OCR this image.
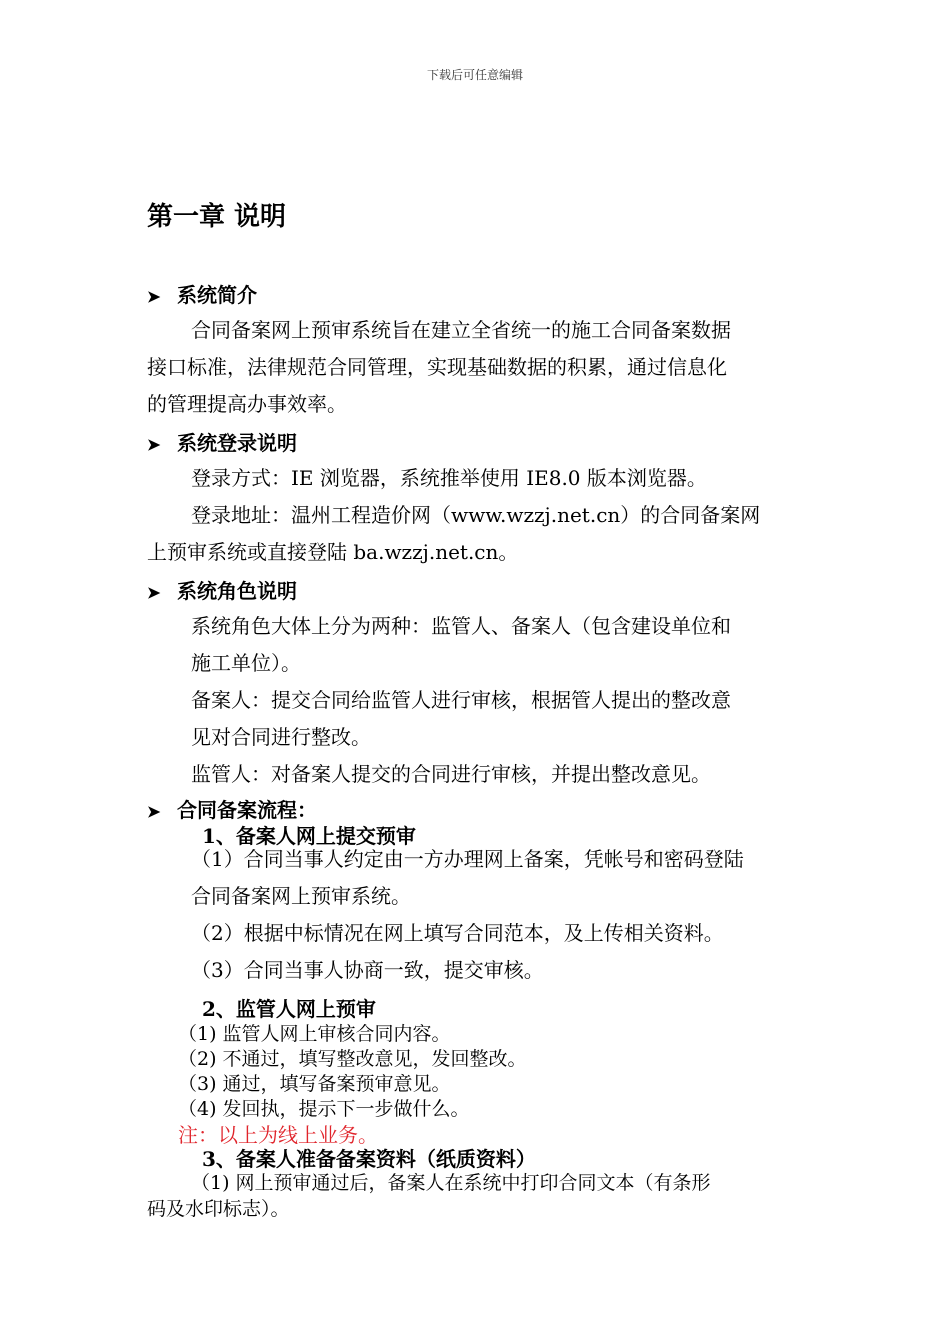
下载后可任意编辑
第一章 说明
➤ 系统简介
合同备案网上预审系统旨在建立全省统一的施工合同备案数据
接口标准，法律规范合同管理，实现基础数据的积累，通过信息化
的管理提高办事效率。
➤ 系统登录说明
登录方式：IE 浏览器，系统推举使用 IE8.0 版本浏览器。
登录地址：温州工程造价网（www.wzzj.net.cn）的合同备案网
上预审系统或直接登陆 ba.wzzj.net.cn。
➤ 系统角色说明
系统角色大体上分为两种：监管人、备案人（包含建设单位和
施工单位）。
备案人：提交合同给监管人进行审核，根据管人提出的整改意
见对合同进行整改。
监管人：对备案人提交的合同进行审核，并提出整改意见。
➤ 合同备案流程：
1、备案人网上提交预审
（1）合同当事人约定由一方办理网上备案，凭帐号和密码登陆
合同备案网上预审系统。
（2）根据中标情况在网上填写合同范本，及上传相关资料。
（3）合同当事人协商一致，提交审核。
2、监管人网上预审
（1) 监管人网上审核合同内容。
（2) 不通过，填写整改意见，发回整改。
（3) 通过，填写备案预审意见。
（4) 发回执，提示下一步做什么。
注：以上为线上业务。
3、备案人准备备案资料（纸质资料）
（1) 网上预审通过后，备案人在系统中打印合同文本（有条形
码及水印标志）。
